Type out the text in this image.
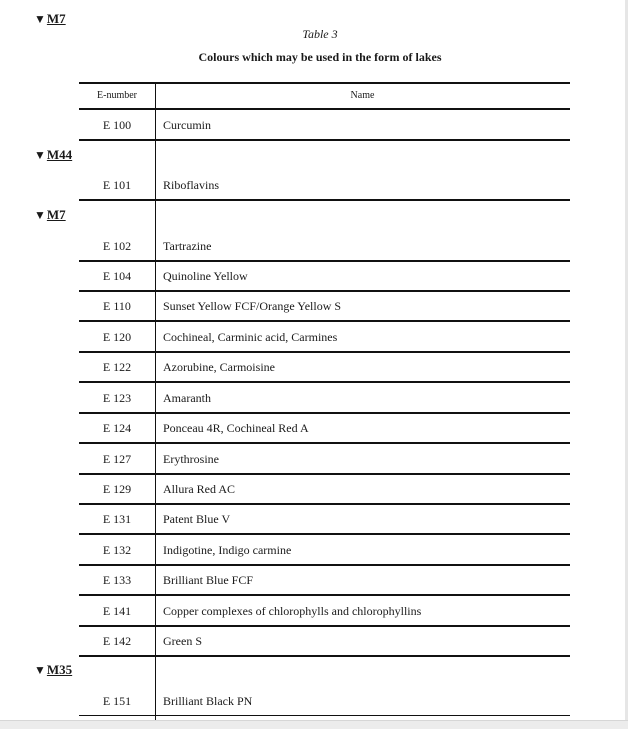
▼M7
▼M44
▼M7
▼M35
Table 3
Colours which may be used in the form of lakes
E-number	Name
E 100	Curcumin
E 101	Riboflavins
E 102	Tartrazine
E 104	Quinoline Yellow
E 110	Sunset Yellow FCF/Orange Yellow S
E 120	Cochineal, Carminic acid, Carmines
E 122	Azorubine, Carmoisine
E 123	Amaranth
E 124	Ponceau 4R, Cochineal Red A
E 127	Erythrosine
E 129	Allura Red AC
E 131	Patent Blue V
E 132	Indigotine, Indigo carmine
E 133	Brilliant Blue FCF
E 141	Copper complexes of chlorophylls and chlorophyllins
E 142	Green S
E 151	Brilliant Black PN
